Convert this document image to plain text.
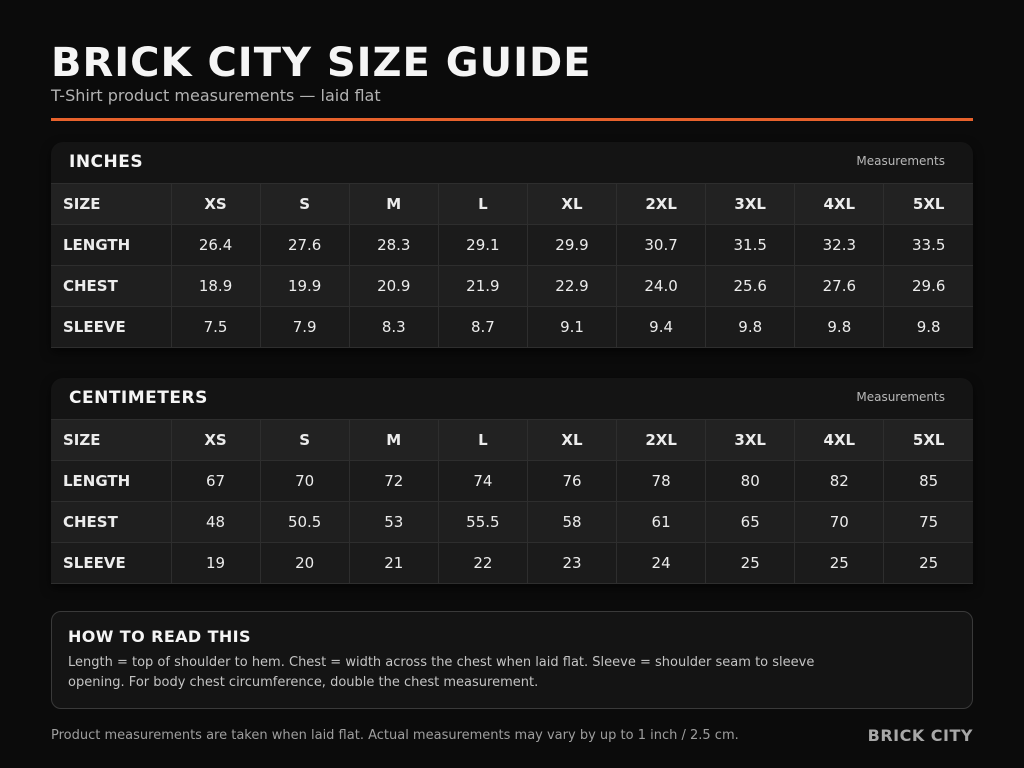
BRICK CITY SIZE GUIDE
T-Shirt product measurements — laid flat
INCHES	Measurements
SIZE	XS	S	M	L	XL	2XL	3XL	4XL	5XL
LENGTH	26.4	27.6	28.3	29.1	29.9	30.7	31.5	32.3	33.5
CHEST	18.9	19.9	20.9	21.9	22.9	24.0	25.6	27.6	29.6
SLEEVE	7.5	7.9	8.3	8.7	9.1	9.4	9.8	9.8	9.8
CENTIMETERS	Measurements
SIZE	XS	S	M	L	XL	2XL	3XL	4XL	5XL
LENGTH	67	70	72	74	76	78	80	82	85
CHEST	48	50.5	53	55.5	58	61	65	70	75
SLEEVE	19	20	21	22	23	24	25	25	25
HOW TO READ THIS
Length = top of shoulder to hem. Chest = width across the chest when laid flat. Sleeve = shoulder seam to sleeve opening. For body chest circumference, double the chest measurement.
Product measurements are taken when laid flat. Actual measurements may vary by up to 1 inch / 2.5 cm.	BRICK CITY
